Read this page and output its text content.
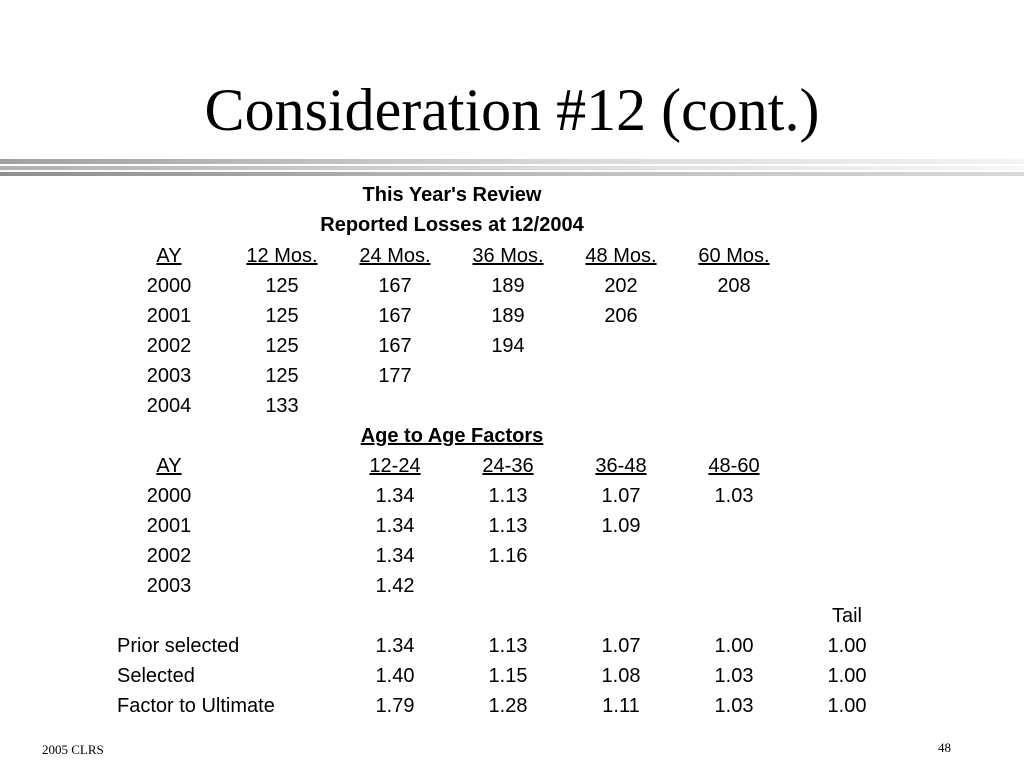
Consideration #12 (cont.)
This Year's Review
Reported Losses at 12/2004
AY	12 Mos.	24 Mos.	36 Mos.	48 Mos.	60 Mos.
2000	125	167	189	202	208
2001	125	167	189	206
2002	125	167	194
2003	125	177
2004	133
Age to Age Factors
AY	12-24	24-36	36-48	48-60
2000	1.34	1.13	1.07	1.03
2001	1.34	1.13	1.09
2002	1.34	1.16
2003	1.42
Tail
Prior selected	1.34	1.13	1.07	1.00	1.00
Selected	1.40	1.15	1.08	1.03	1.00
Factor to Ultimate	1.79	1.28	1.11	1.03	1.00
2005 CLRS	48
